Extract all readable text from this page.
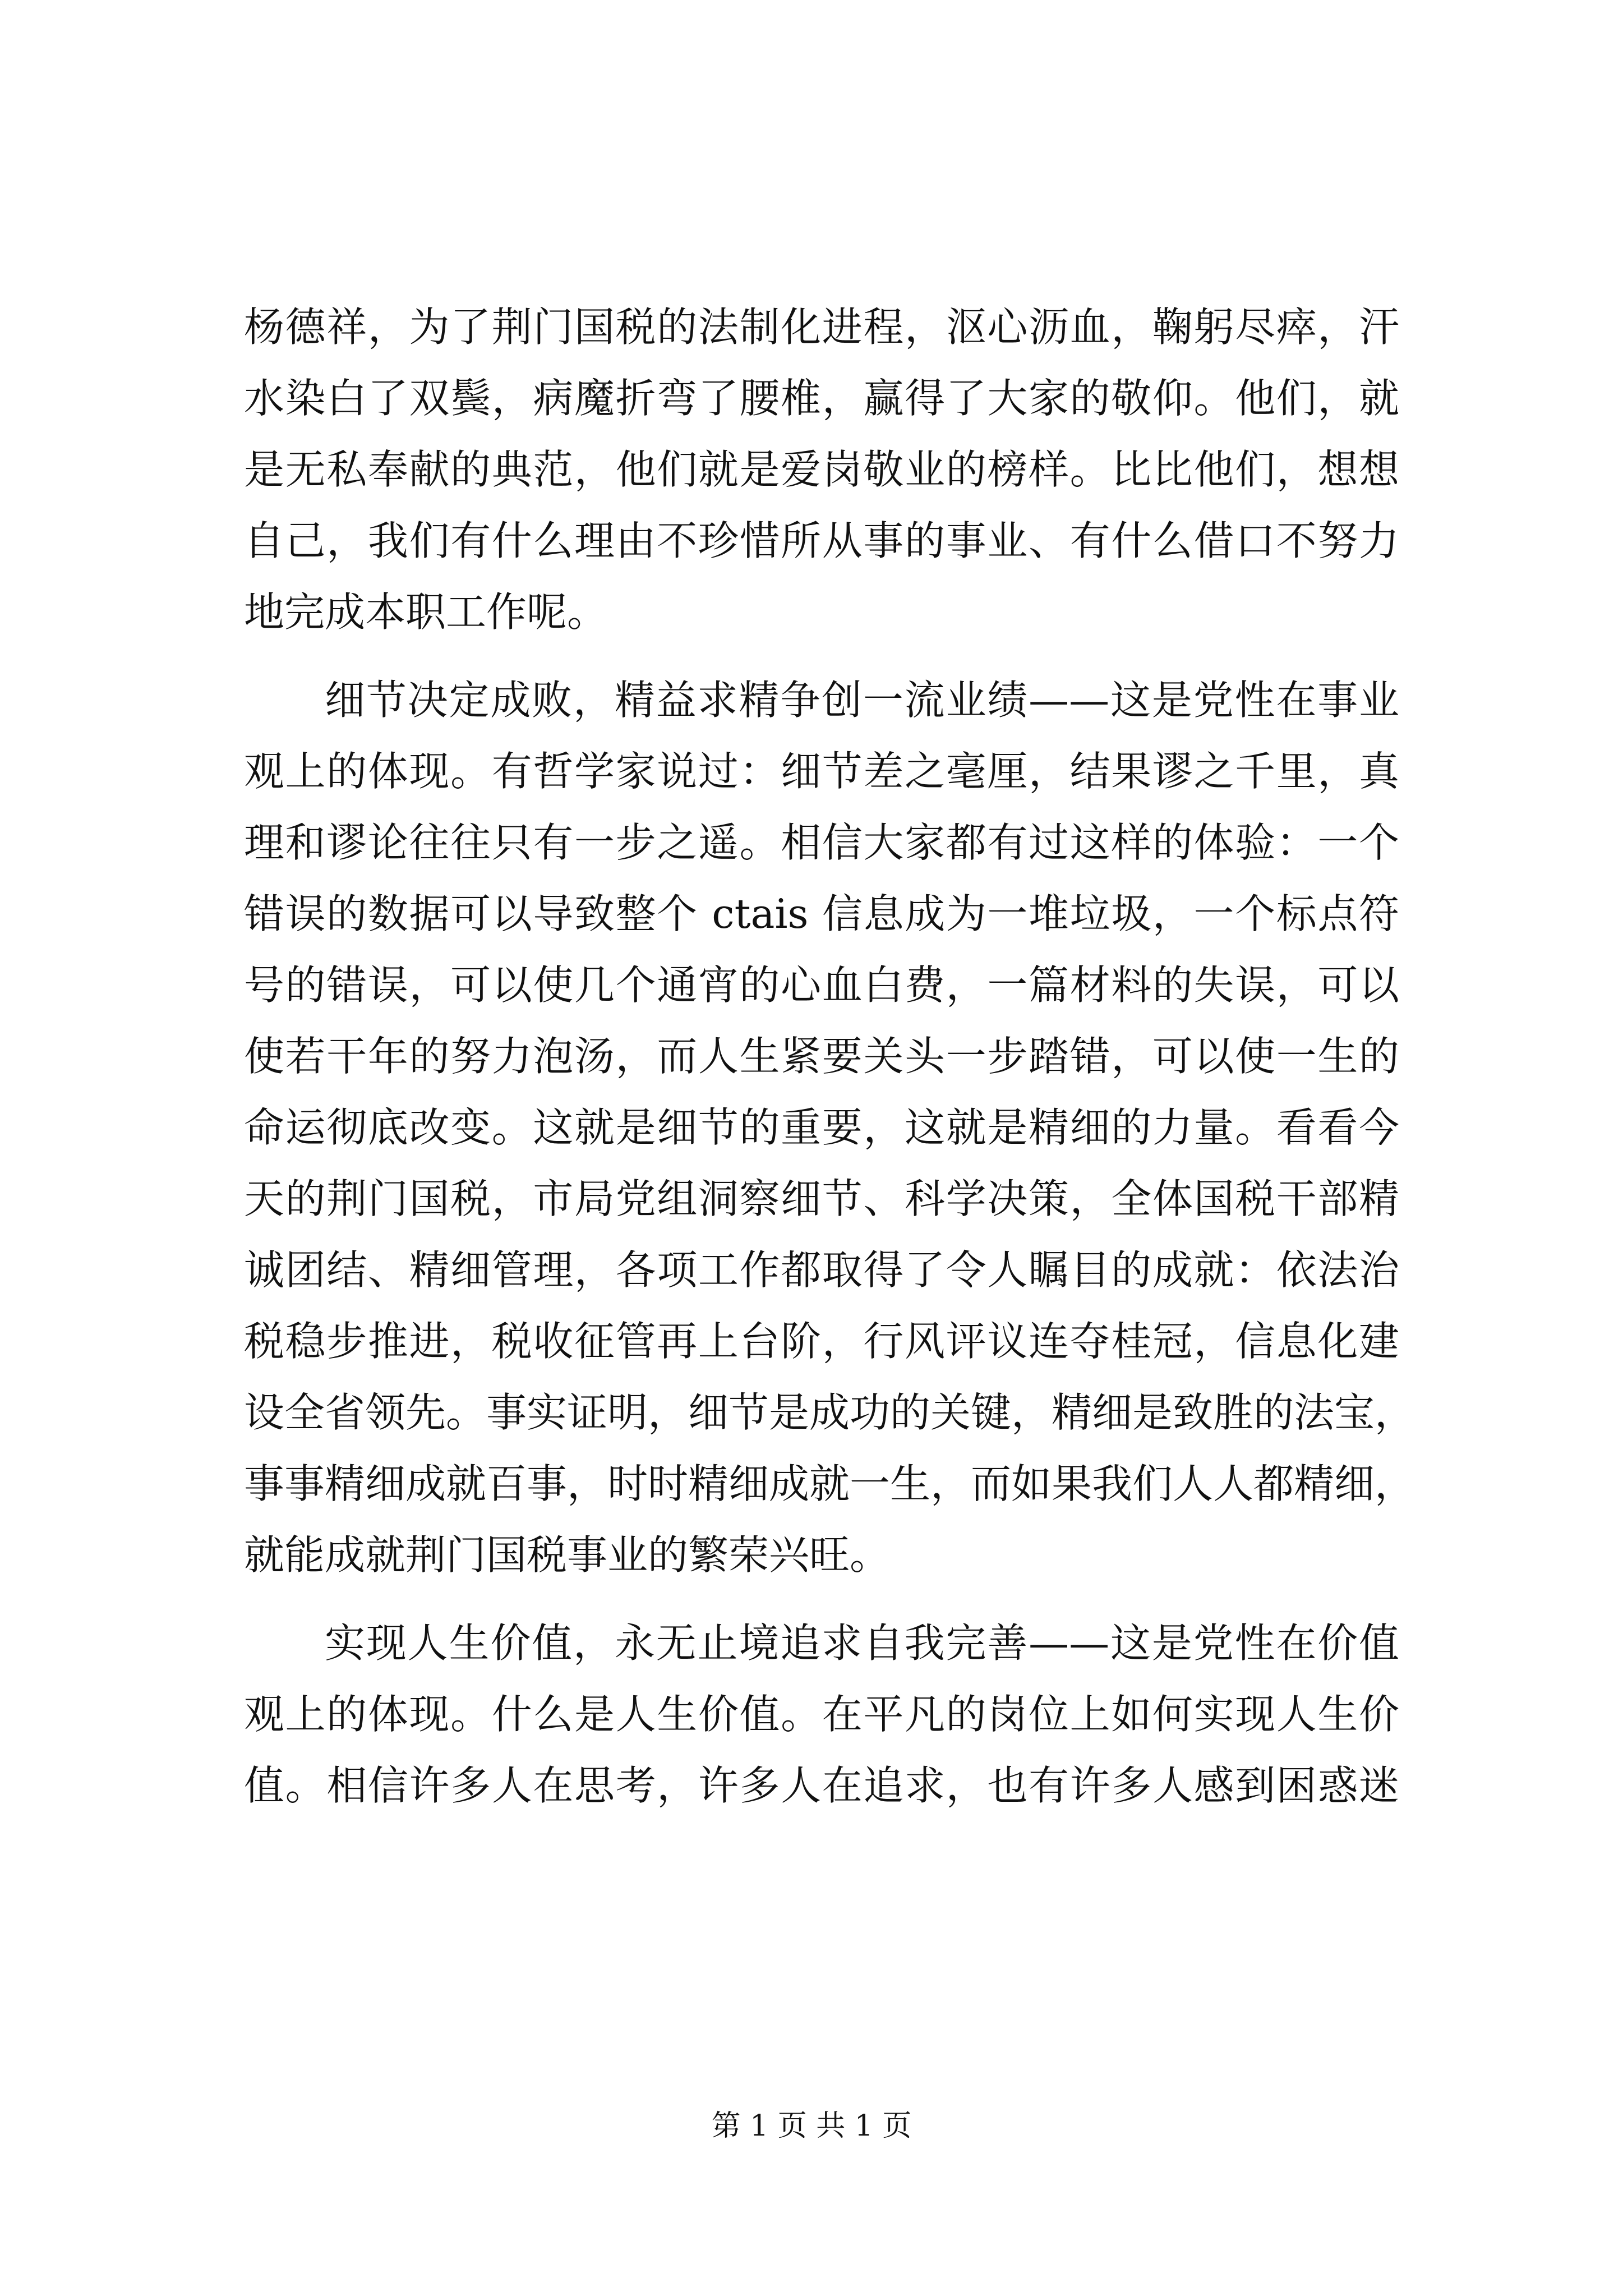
杨德祥，为了荆门国税的法制化进程，沤心沥血，鞠躬尽瘁，汗
水染白了双鬓，病魔折弯了腰椎，赢得了大家的敬仰。他们，就
是无私奉献的典范，他们就是爱岗敬业的榜样。比比他们，想想
自己，我们有什么理由不珍惜所从事的事业、有什么借口不努力
地完成本职工作呢。
细节决定成败，精益求精争创一流业绩——这是党性在事业
观上的体现。有哲学家说过：细节差之毫厘，结果谬之千里，真
理和谬论往往只有一步之遥。相信大家都有过这样的体验：一个
错误的数据可以导致整个 ctais 信息成为一堆垃圾，一个标点符
号的错误，可以使几个通宵的心血白费，一篇材料的失误，可以
使若干年的努力泡汤，而人生紧要关头一步踏错，可以使一生的
命运彻底改变。这就是细节的重要，这就是精细的力量。看看今
天的荆门国税，市局党组洞察细节、科学决策，全体国税干部精
诚团结、精细管理，各项工作都取得了令人瞩目的成就：依法治
税稳步推进，税收征管再上台阶，行风评议连夺桂冠，信息化建
设全省领先。事实证明，细节是成功的关键，精细是致胜的法宝，
事事精细成就百事，时时精细成就一生，而如果我们人人都精细，
就能成就荆门国税事业的繁荣兴旺。
实现人生价值，永无止境追求自我完善——这是党性在价值
观上的体现。什么是人生价值。在平凡的岗位上如何实现人生价
值。相信许多人在思考，许多人在追求，也有许多人感到困惑迷
第 1 页 共 1 页
